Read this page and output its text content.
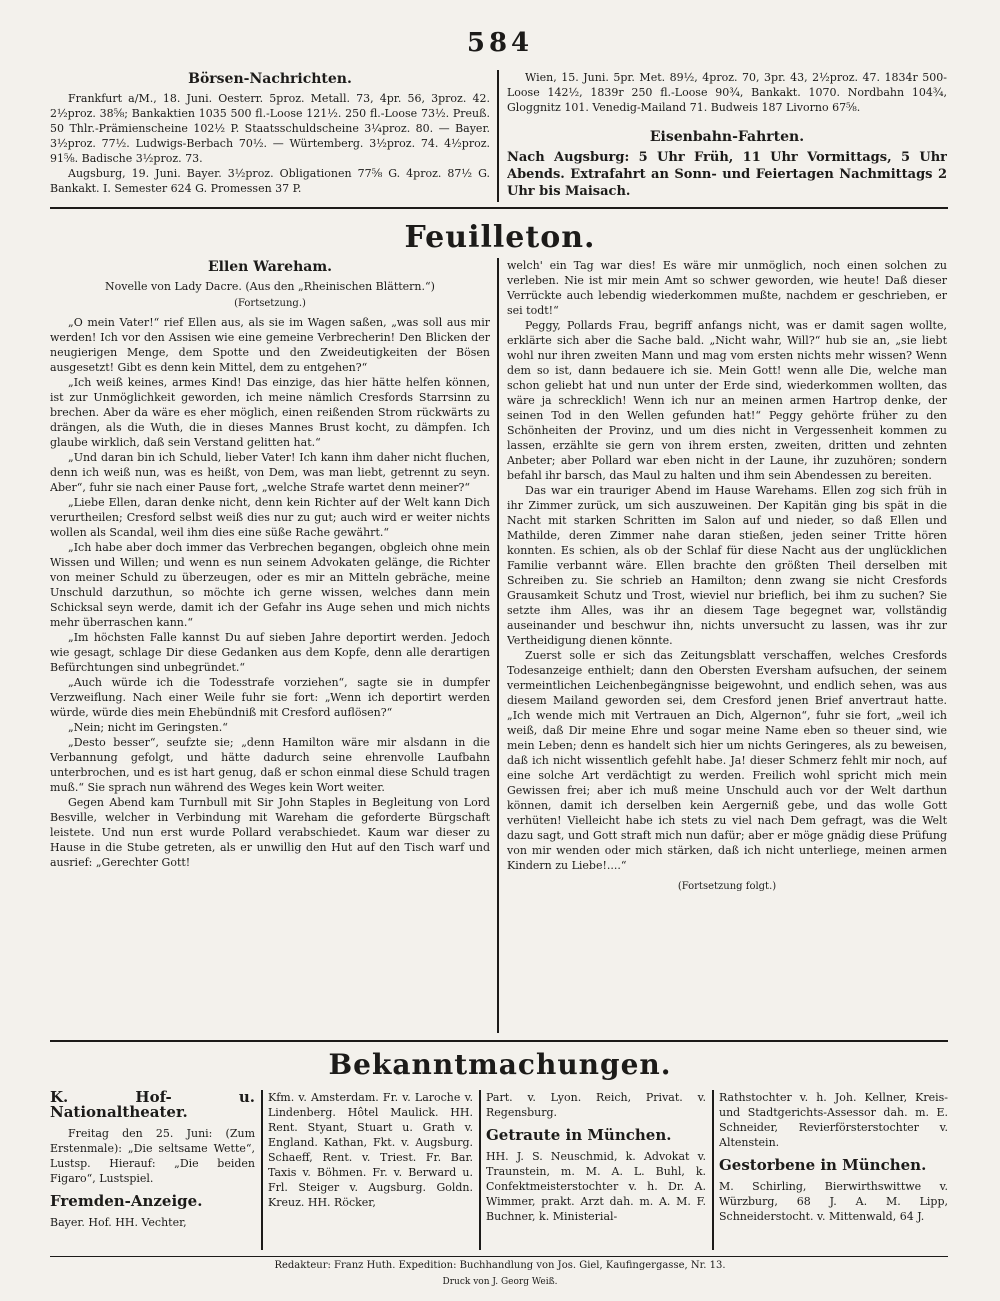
584
Börsen-Nachrichten.

Frankfurt a/M., 18. Juni. Oesterr. 5proz. Metall. 73, 4pr. 56, 3proz. 42. 2½proz. 38⅝; Bankaktien 1035 500 fl.-Loose 121½. 250 fl.-Loose 73½. Preuß. 50 Thlr.-Prämienscheine 102½ P. Staatsschuldscheine 3¼proz. 80. — Bayer. 3½proz. 77½. Ludwigs-Berbach 70½. — Würtemberg. 3½proz. 74. 4½proz. 91⅝. Badische 3½proz. 73.

Augsburg, 19. Juni. Bayer. 3½proz. Obligationen 77⅝ G. 4proz. 87½ G. Bankakt. I. Semester 624 G. Promessen 37 P.

Wien, 15. Juni. 5pr. Met. 89½, 4proz. 70, 3pr. 43, 2½proz. 47. 1834r 500-Loose 142½, 1839r 250 fl.-Loose 90¾, Bankakt. 1070. Nordbahn 104¾, Gloggnitz 101. Venedig-Mailand 71. Budweis 187 Livorno 67⅝.

Eisenbahn-Fahrten.

Nach Augsburg: 5 Uhr Früh, 11 Uhr Vormittags, 5 Uhr Abends. Extrafahrt an Sonn- und Feiertagen Nachmittags 2 Uhr bis Maisach.

Feuilleton.
Ellen Wareham.
Novelle von Lady Dacre. (Aus den „Rheinischen Blättern.“)
(Fortsetzung.)

„O mein Vater!“ rief Ellen aus, als sie im Wagen saßen, „was soll aus mir werden! Ich vor den Assisen wie eine gemeine Verbrecherin! Den Blicken der neugierigen Menge, dem Spotte und den Zweideutigkeiten der Bösen ausgesetzt! Gibt es denn kein Mittel, dem zu entgehen?“

„Ich weiß keines, armes Kind! Das einzige, das hier hätte helfen können, ist zur Unmöglichkeit geworden, ich meine nämlich Cresfords Starrsinn zu brechen. Aber da wäre es eher möglich, einen reißenden Strom rückwärts zu drängen, als die Wuth, die in dieses Mannes Brust kocht, zu dämpfen. Ich glaube wirklich, daß sein Verstand gelitten hat.“

„Und daran bin ich Schuld, lieber Vater! Ich kann ihm daher nicht fluchen, denn ich weiß nun, was es heißt, von Dem, was man liebt, getrennt zu seyn. Aber“, fuhr sie nach einer Pause fort, „welche Strafe wartet denn meiner?“

„Liebe Ellen, daran denke nicht, denn kein Richter auf der Welt kann Dich verurtheilen; Cresford selbst weiß dies nur zu gut; auch wird er weiter nichts wollen als Scandal, weil ihm dies eine süße Rache gewährt.“

„Ich habe aber doch immer das Verbrechen begangen, obgleich ohne mein Wissen und Willen; und wenn es nun seinem Advokaten gelänge, die Richter von meiner Schuld zu überzeugen, oder es mir an Mitteln gebräche, meine Unschuld darzuthun, so möchte ich gerne wissen, welches dann mein Schicksal seyn werde, damit ich der Gefahr ins Auge sehen und mich nichts mehr überraschen kann.“

„Im höchsten Falle kannst Du auf sieben Jahre deportirt werden. Jedoch wie gesagt, schlage Dir diese Gedanken aus dem Kopfe, denn alle derartigen Befürchtungen sind unbegründet.“

„Auch würde ich die Todesstrafe vorziehen“, sagte sie in dumpfer Verzweiflung. Nach einer Weile fuhr sie fort: „Wenn ich deportirt werden würde, würde dies mein Ehebündniß mit Cresford auflösen?“

„Nein; nicht im Geringsten.“

„Desto besser“, seufzte sie; „denn Hamilton wäre mir alsdann in die Verbannung gefolgt, und hätte dadurch seine ehrenvolle Laufbahn unterbrochen, und es ist hart genug, daß er schon einmal diese Schuld tragen muß.“ Sie sprach nun während des Weges kein Wort weiter.

Gegen Abend kam Turnbull mit Sir John Staples in Begleitung von Lord Besville, welcher in Verbindung mit Wareham die geforderte Bürgschaft leistete. Und nun erst wurde Pollard verabschiedet. Kaum war dieser zu Hause in die Stube getreten, als er unwillig den Hut auf den Tisch warf und ausrief: „Gerechter Gott!

welch' ein Tag war dies! Es wäre mir unmöglich, noch einen solchen zu verleben. Nie ist mir mein Amt so schwer geworden, wie heute! Daß dieser Verrückte auch lebendig wiederkommen mußte, nachdem er geschrieben, er sei todt!“

Peggy, Pollards Frau, begriff anfangs nicht, was er damit sagen wollte, erklärte sich aber die Sache bald. „Nicht wahr, Will?“ hub sie an, „sie liebt wohl nur ihren zweiten Mann und mag vom ersten nichts mehr wissen? Wenn dem so ist, dann bedauere ich sie. Mein Gott! wenn alle Die, welche man schon geliebt hat und nun unter der Erde sind, wiederkommen wollten, das wäre ja schrecklich! Wenn ich nur an meinen armen Hartrop denke, der seinen Tod in den Wellen gefunden hat!“ Peggy gehörte früher zu den Schönheiten der Provinz, und um dies nicht in Vergessenheit kommen zu lassen, erzählte sie gern von ihrem ersten, zweiten, dritten und zehnten Anbeter; aber Pollard war eben nicht in der Laune, ihr zuzuhören; sondern befahl ihr barsch, das Maul zu halten und ihm sein Abendessen zu bereiten.

Das war ein trauriger Abend im Hause Warehams. Ellen zog sich früh in ihr Zimmer zurück, um sich auszuweinen. Der Kapitän ging bis spät in die Nacht mit starken Schritten im Salon auf und nieder, so daß Ellen und Mathilde, deren Zimmer nahe daran stießen, jeden seiner Tritte hören konnten. Es schien, als ob der Schlaf für diese Nacht aus der unglücklichen Familie verbannt wäre. Ellen brachte den größten Theil derselben mit Schreiben zu. Sie schrieb an Hamilton; denn zwang sie nicht Cresfords Grausamkeit Schutz und Trost, wieviel nur brieflich, bei ihm zu suchen? Sie setzte ihm Alles, was ihr an diesem Tage begegnet war, vollständig auseinander und beschwur ihn, nichts unversucht zu lassen, was ihr zur Vertheidigung dienen könnte.

Zuerst solle er sich das Zeitungsblatt verschaffen, welches Cresfords Todesanzeige enthielt; dann den Obersten Eversham aufsuchen, der seinem vermeintlichen Leichenbegängnisse beigewohnt, und endlich sehen, was aus diesem Mailand geworden sei, dem Cresford jenen Brief anvertraut hatte. „Ich wende mich mit Vertrauen an Dich, Algernon“, fuhr sie fort, „weil ich weiß, daß Dir meine Ehre und sogar meine Name eben so theuer sind, wie mein Leben; denn es handelt sich hier um nichts Geringeres, als zu beweisen, daß ich nicht wissentlich gefehlt habe. Ja! dieser Schmerz fehlt mir noch, auf eine solche Art verdächtigt zu werden. Freilich wohl spricht mich mein Gewissen frei; aber ich muß meine Unschuld auch vor der Welt darthun können, damit ich derselben kein Aergerniß gebe, und das wolle Gott verhüten! Vielleicht habe ich stets zu viel nach Dem gefragt, was die Welt dazu sagt, und Gott straft mich nun dafür; aber er möge gnädig diese Prüfung von mir wenden oder mich stärken, daß ich nicht unterliege, meinen armen Kindern zu Liebe!....“

(Fortsetzung folgt.)
Bekanntmachungen.
K. Hof- u. Nationaltheater.

Freitag den 25. Juni: (Zum Erstenmale): „Die seltsame Wette“, Lustsp. Hierauf: „Die beiden Figaro“, Lustspiel.

Fremden-Anzeige.

Bayer. Hof. HH. Vechter,

Kfm. v. Amsterdam. Fr. v. Laroche v. Lindenberg. Hôtel Maulick. HH. Rent. Styant, Stuart u. Grath v. England. Kathan, Fkt. v. Augsburg. Schaeff, Rent. v. Triest. Fr. Bar. Taxis v. Böhmen. Fr. v. Berward u. Frl. Steiger v. Augsburg. Goldn. Kreuz. HH. Röcker,

Part. v. Lyon. Reich, Privat. v. Regensburg.

Getraute in München.

HH. J. S. Neuschmid, k. Advokat v. Traunstein, m. M. A. L. Buhl, k. Confektmeisterstochter v. h. Dr. A. Wimmer, prakt. Arzt dah. m. A. M. F. Buchner, k. Ministerial-

Rathstochter v. h. Joh. Kellner, Kreis- und Stadtgerichts-Assessor dah. m. E. Schneider, Revierförsterstochter v. Altenstein.

Gestorbene in München.

M. Schirling, Bierwirthswittwe v. Würzburg, 68 J. A. M. Lipp, Schneiderstocht. v. Mittenwald, 64 J.

Redakteur: Franz Huth. Expedition: Buchhandlung von Jos. Giel, Kaufingergasse, Nr. 13.
Druck von J. Georg Weiß.
